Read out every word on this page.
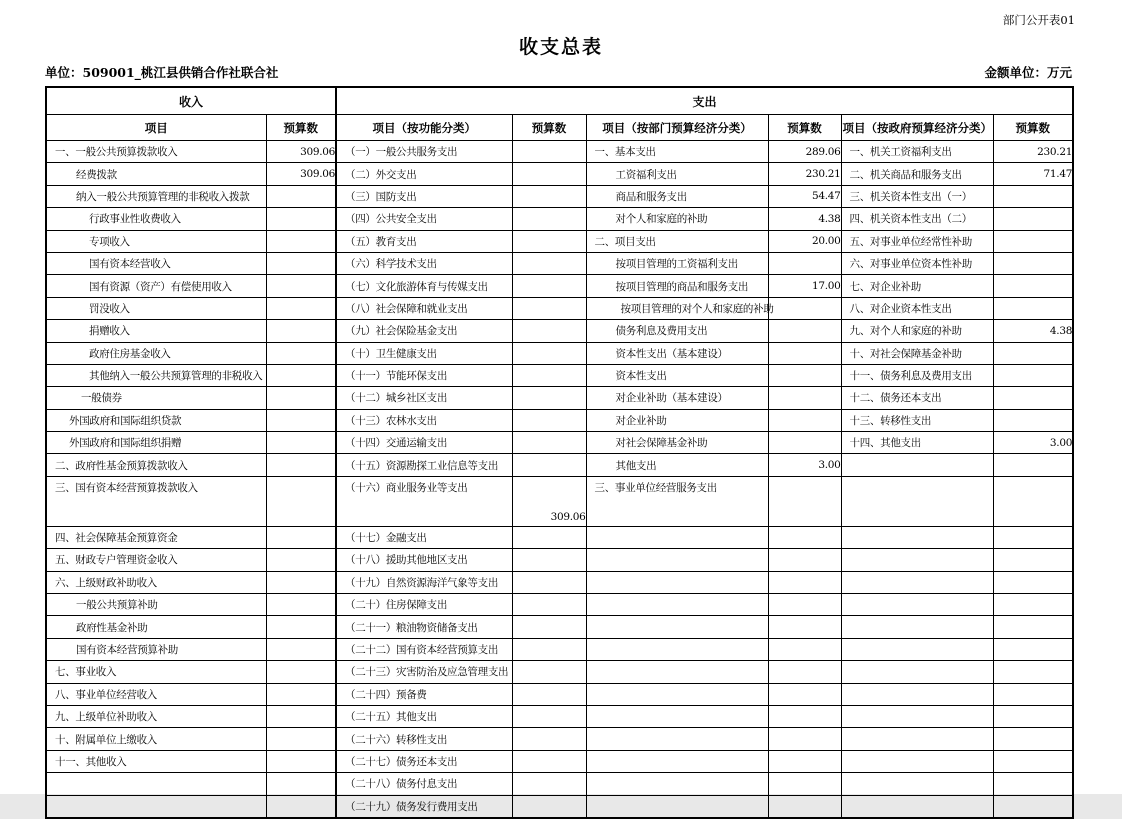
部门公开表01
收支总表
单位：509001_桃江县供销合作社联合社	金额单位：万元
收入		支出					
项目	预算数	项目（按功能分类）	预算数	项目（按部门预算经济分类）	预算数	项目（按政府预算经济分类）	预算数
一、一般公共预算拨款收入	309.06	（一）一般公共服务支出		一、基本支出	289.06	一、机关工资福利支出	230.21
经费拨款	309.06	（二）外交支出		工资福利支出	230.21	二、机关商品和服务支出	71.47
纳入一般公共预算管理的非税收入拨款		（三）国防支出		商品和服务支出	54.47	三、机关资本性支出（一）	
行政事业性收费收入		（四）公共安全支出		对个人和家庭的补助	4.38	四、机关资本性支出（二）	
专项收入		（五）教育支出		二、项目支出	20.00	五、对事业单位经常性补助	
国有资本经营收入		（六）科学技术支出		按项目管理的工资福利支出		六、对事业单位资本性补助	
国有资源（资产）有偿使用收入		（七）文化旅游体育与传媒支出		按项目管理的商品和服务支出	17.00	七、对企业补助	
罚没收入		（八）社会保障和就业支出		按项目管理的对个人和家庭的补助		八、对企业资本性支出	
捐赠收入		（九）社会保险基金支出		债务利息及费用支出		九、对个人和家庭的补助	4.38
政府住房基金收入		（十）卫生健康支出		资本性支出（基本建设）		十、对社会保障基金补助	
其他纳入一般公共预算管理的非税收入		（十一）节能环保支出		资本性支出		十一、债务利息及费用支出	
一般债券		（十二）城乡社区支出		对企业补助（基本建设）		十二、债务还本支出	
外国政府和国际组织贷款		（十三）农林水支出		对企业补助		十三、转移性支出	
外国政府和国际组织捐赠		（十四）交通运输支出		对社会保障基金补助		十四、其他支出	3.00
二、政府性基金预算拨款收入		（十五）资源勘探工业信息等支出		其他支出	3.00		
三、国有资本经营预算拨款收入		（十六）商业服务业等支出	309.06	三、事业单位经营服务支出			
四、社会保障基金预算资金		（十七）金融支出					
五、财政专户管理资金收入		（十八）援助其他地区支出					
六、上级财政补助收入		（十九）自然资源海洋气象等支出					
一般公共预算补助		（二十）住房保障支出					
政府性基金补助		（二十一）粮油物资储备支出					
国有资本经营预算补助		（二十二）国有资本经营预算支出					
七、事业收入		（二十三）灾害防治及应急管理支出					
八、事业单位经营收入		（二十四）预备费					
九、上级单位补助收入		（二十五）其他支出					
十、附属单位上缴收入		（二十六）转移性支出					
十一、其他收入		（二十七）债务还本支出					
		（二十八）债务付息支出					
		（二十九）债务发行费用支出					
